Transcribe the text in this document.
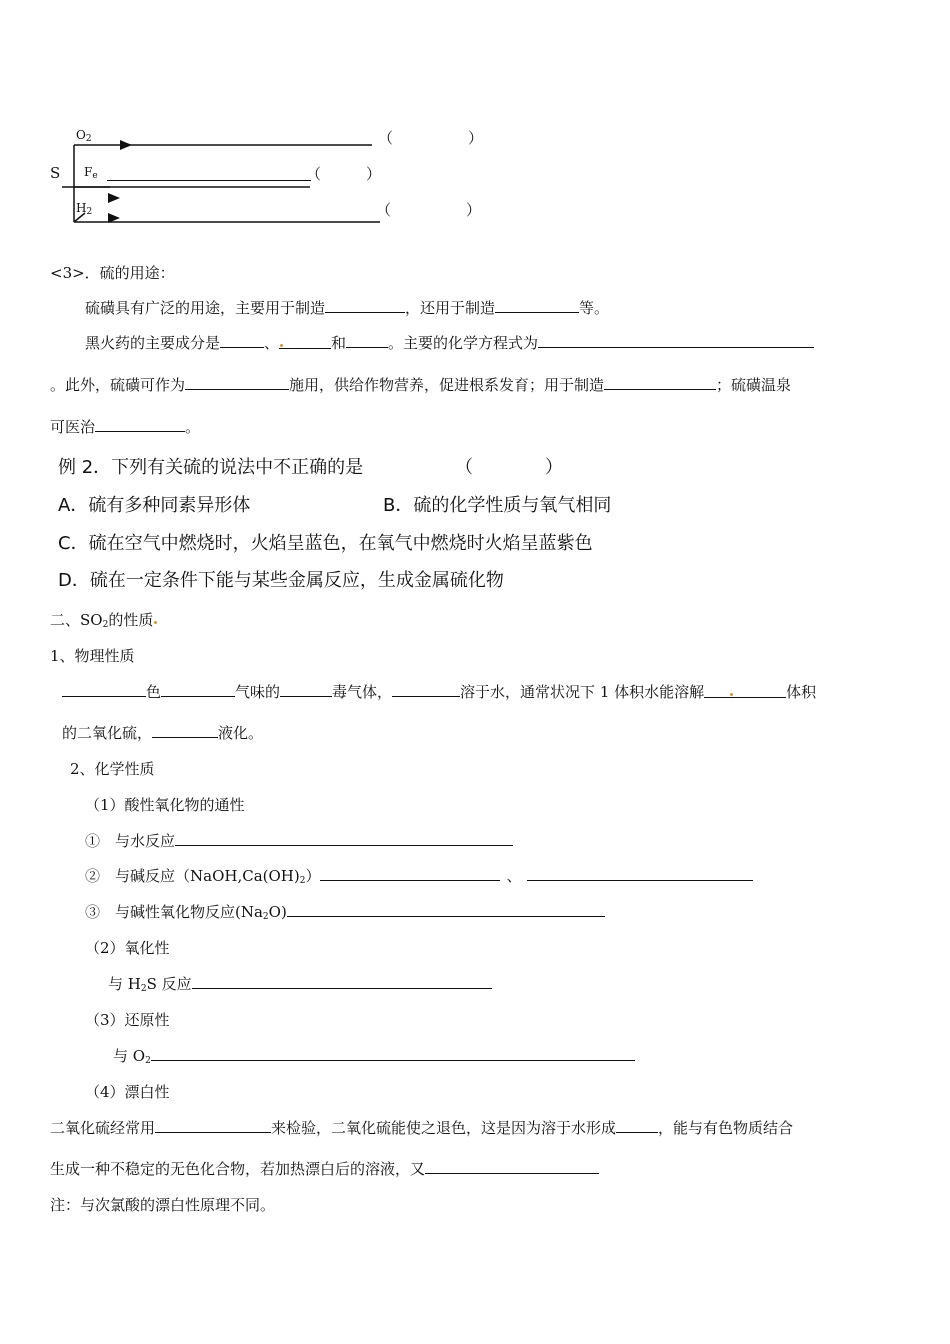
S
$O_2$	（　　　　　）
$F_e$	（　　　）
$H_2$	（　　　　　）
<3>．硫的用途：
硫磺具有广泛的用途，主要用于制造	，还用于制造	等。
黑火药的主要成分是	、	和	。主要的化学方程式为
。此外，硫磺可作为	施用，供给作物营养，促进根系发育；用于制造	；硫磺温泉
可医治	。
例 2．下列有关硫的说法中不正确的是	（　　　　）
A．硫有多种同素异形体	B．硫的化学性质与氧气相同
C．硫在空气中燃烧时，火焰呈蓝色，在氧气中燃烧时火焰呈蓝紫色
D．硫在一定条件下能与某些金属反应，生成金属硫化物
二、$SO_2$的性质
1、物理性质
色	气味的	毒气体，	溶于水，通常状况下 1 体积水能溶解	体积
的二氧化硫，	液化。
2、化学性质
（1）酸性氧化物的通性
①　与水反应
②　与碱反应$(NaOH,Ca(OH)_2)$	、
③　与碱性氧化物反应$(Na_2O)$
（2）氧化性
与 $H_2S$ 反应
（3）还原性
与 $O_2$
（4）漂白性
二氧化硫经常用	来检验，二氧化硫能使之退色，这是因为溶于水形成	，能与有色物质结合
生成一种不稳定的无色化合物，若加热漂白后的溶液，又
注：与次氯酸的漂白性原理不同。
